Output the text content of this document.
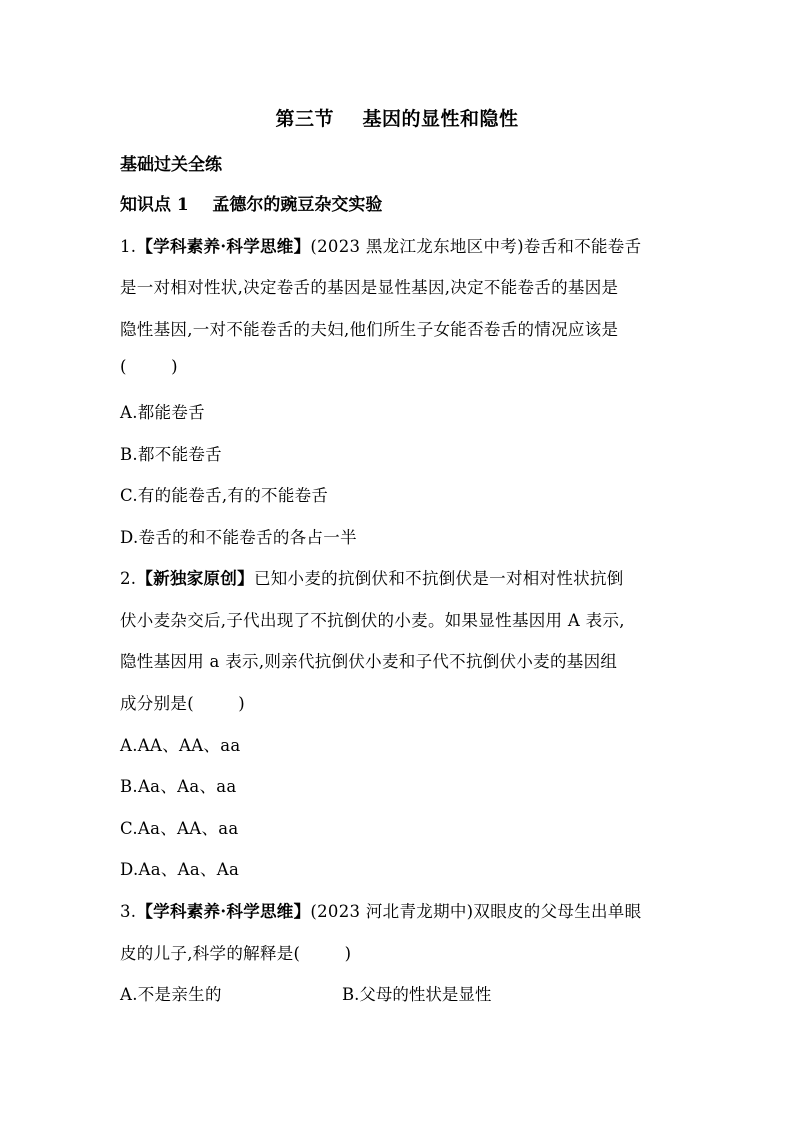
第三节    基因的显性和隐性
基础过关全练
知识点 1    孟德尔的豌豆杂交实验
1.【学科素养·科学思维】(2023 黑龙江龙东地区中考)卷舌和不能卷舌
是一对相对性状,决定卷舌的基因是显性基因,决定不能卷舌的基因是
隐性基因,一对不能卷舌的夫妇,他们所生子女能否卷舌的情况应该是
(        )
A.都能卷舌
B.都不能卷舌
C.有的能卷舌,有的不能卷舌
D.卷舌的和不能卷舌的各占一半
2.【新独家原创】已知小麦的抗倒伏和不抗倒伏是一对相对性状抗倒
伏小麦杂交后,子代出现了不抗倒伏的小麦。如果显性基因用 A 表示,
隐性基因用 a 表示,则亲代抗倒伏小麦和子代不抗倒伏小麦的基因组
成分别是(        )
A.AA、AA、aa
B.Aa、Aa、aa
C.Aa、AA、aa
D.Aa、Aa、Aa
3.【学科素养·科学思维】(2023 河北青龙期中)双眼皮的父母生出单眼
皮的儿子,科学的解释是(        )
A.不是亲生的	B.父母的性状是显性
